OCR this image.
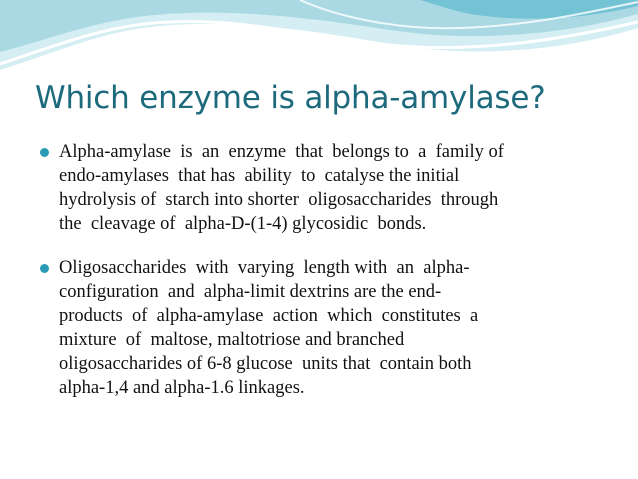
Which enzyme is alpha-amylase?
Alpha-amylase  is  an  enzyme  that  belongs to  a  family of
endo-amylases  that has  ability  to  catalyse the initial
hydrolysis of  starch into shorter  oligosaccharides  through
the  cleavage of  alpha-D-(1-4) glycosidic  bonds.
Oligosaccharides  with  varying  length with  an  alpha-
configuration  and  alpha-limit dextrins are the end-
products  of  alpha-amylase  action  which  constitutes  a
mixture  of  maltose, maltotriose and branched
oligosaccharides of 6-8 glucose  units that  contain both
alpha-1,4 and alpha-1.6 linkages.
